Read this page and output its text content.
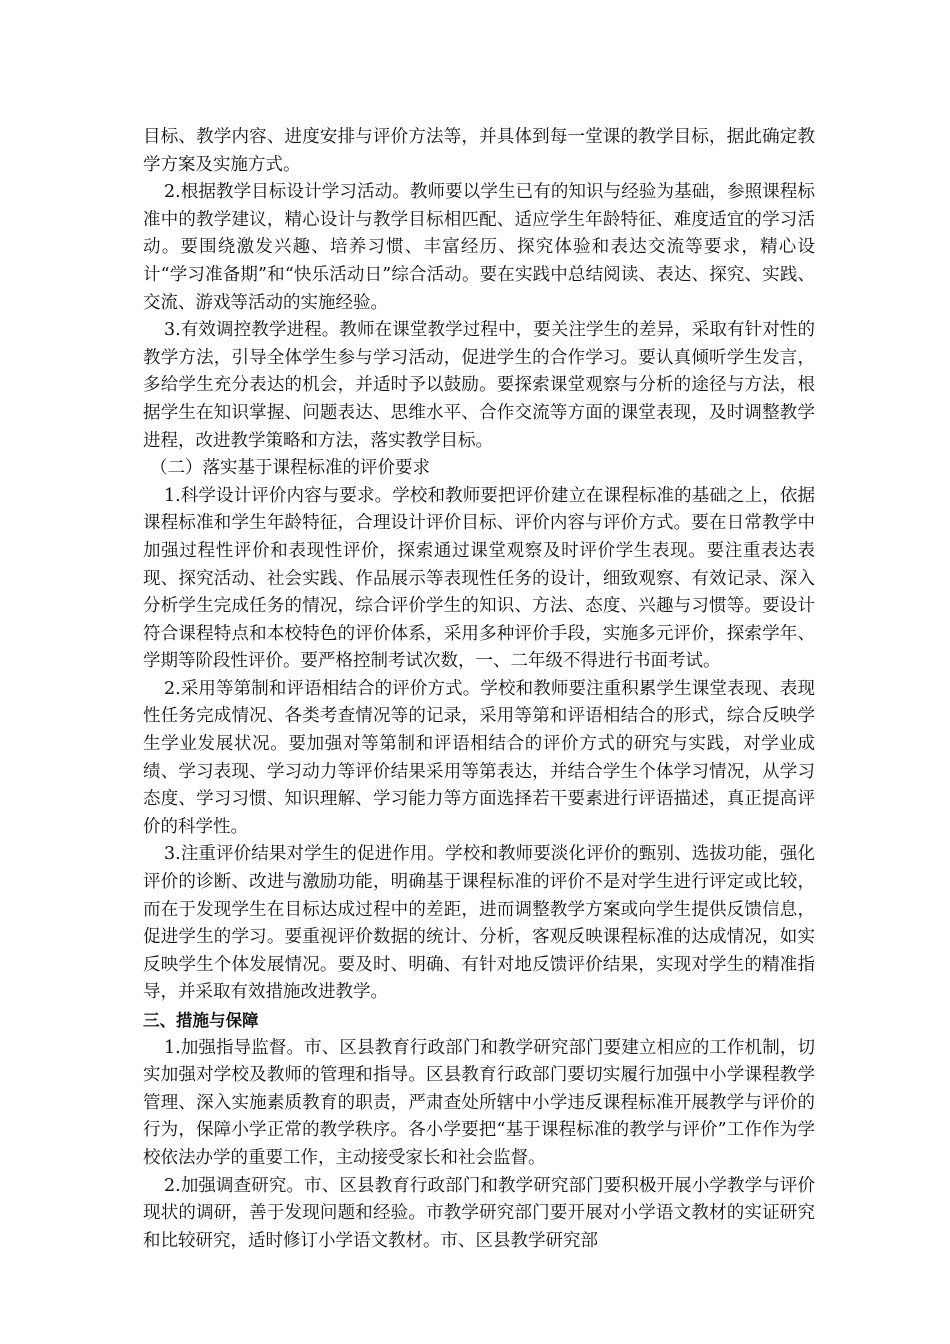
目标、教学内容、进度安排与评价方法等，并具体到每一堂课的教学目标，据此确定教学方案及实施方式。

2.根据教学目标设计学习活动。教师要以学生已有的知识与经验为基础，参照课程标准中的教学建议，精心设计与教学目标相匹配、适应学生年龄特征、难度适宜的学习活动。要围绕激发兴趣、培养习惯、丰富经历、探究体验和表达交流等要求，精心设计“学习准备期”和“快乐活动日”综合活动。要在实践中总结阅读、表达、探究、实践、交流、游戏等活动的实施经验。

3.有效调控教学进程。教师在课堂教学过程中，要关注学生的差异，采取有针对性的教学方法，引导全体学生参与学习活动，促进学生的合作学习。要认真倾听学生发言，多给学生充分表达的机会，并适时予以鼓励。要探索课堂观察与分析的途径与方法，根据学生在知识掌握、问题表达、思维水平、合作交流等方面的课堂表现，及时调整教学进程，改进教学策略和方法，落实教学目标。

（二）落实基于课程标准的评价要求

1.科学设计评价内容与要求。学校和教师要把评价建立在课程标准的基础之上，依据课程标准和学生年龄特征，合理设计评价目标、评价内容与评价方式。要在日常教学中加强过程性评价和表现性评价，探索通过课堂观察及时评价学生表现。要注重表达表现、探究活动、社会实践、作品展示等表现性任务的设计，细致观察、有效记录、深入分析学生完成任务的情况，综合评价学生的知识、方法、态度、兴趣与习惯等。要设计符合课程特点和本校特色的评价体系，采用多种评价手段，实施多元评价，探索学年、学期等阶段性评价。要严格控制考试次数，一、二年级不得进行书面考试。

2.采用等第制和评语相结合的评价方式。学校和教师要注重积累学生课堂表现、表现性任务完成情况、各类考查情况等的记录，采用等第和评语相结合的形式，综合反映学生学业发展状况。要加强对等第制和评语相结合的评价方式的研究与实践，对学业成绩、学习表现、学习动力等评价结果采用等第表达，并结合学生个体学习情况，从学习态度、学习习惯、知识理解、学习能力等方面选择若干要素进行评语描述，真正提高评价的科学性。

3.注重评价结果对学生的促进作用。学校和教师要淡化评价的甄别、选拔功能，强化评价的诊断、改进与激励功能，明确基于课程标准的评价不是对学生进行评定或比较，而在于发现学生在目标达成过程中的差距，进而调整教学方案或向学生提供反馈信息，促进学生的学习。要重视评价数据的统计、分析，客观反映课程标准的达成情况，如实反映学生个体发展情况。要及时、明确、有针对地反馈评价结果，实现对学生的精准指导，并采取有效措施改进教学。

三、措施与保障

1.加强指导监督。市、区县教育行政部门和教学研究部门要建立相应的工作机制，切实加强对学校及教师的管理和指导。区县教育行政部门要切实履行加强中小学课程教学管理、深入实施素质教育的职责，严肃查处所辖中小学违反课程标准开展教学与评价的行为，保障小学正常的教学秩序。各小学要把“基于课程标准的教学与评价”工作作为学校依法办学的重要工作，主动接受家长和社会监督。

2.加强调查研究。市、区县教育行政部门和教学研究部门要积极开展小学教学与评价现状的调研，善于发现问题和经验。市教学研究部门要开展对小学语文教材的实证研究和比较研究，适时修订小学语文教材。市、区县教学研究部
